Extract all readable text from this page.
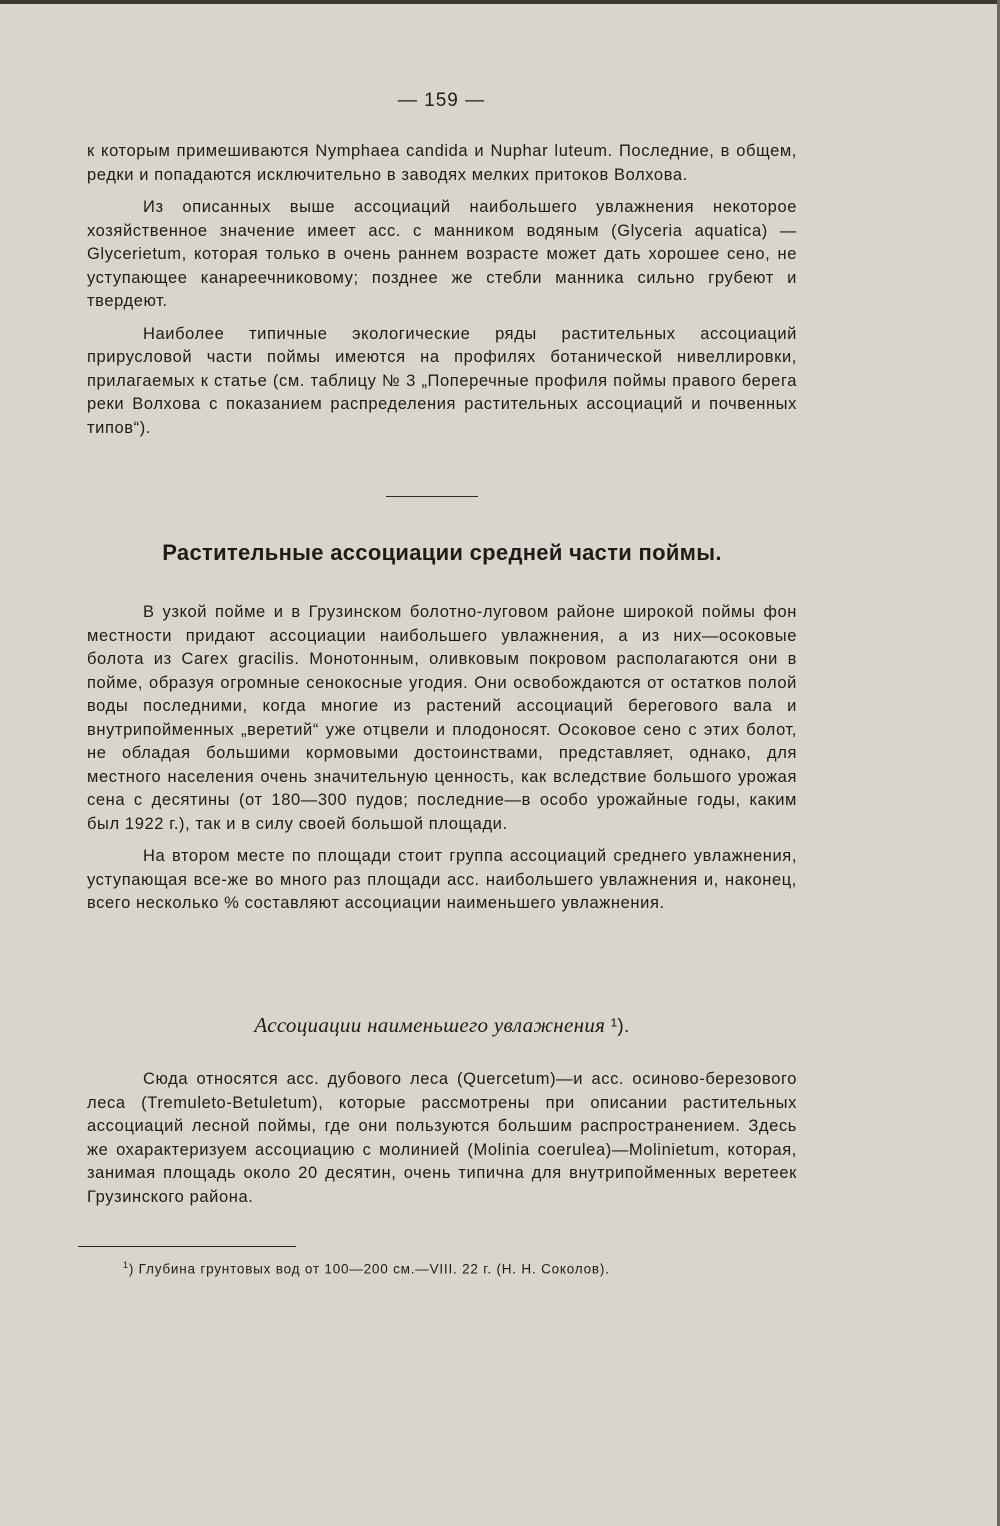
— 159 —

к которым примешиваются Nymphaea candida и Nuphar luteum. Последние, в общем, редки и попадаются исключительно в заводях мелких притоков Волхова.

Из описанных выше ассоциаций наибольшего увлажнения некоторое хозяйственное значение имеет асс. с манником водяным (Glyceria aquatica) — Glycerietum, которая только в очень раннем возрасте может дать хорошее сено, не уступающее канареечниковому; позднее же стебли манника сильно грубеют и твердеют.

Наиболее типичные экологические ряды растительных ассоциаций прирусловой части поймы имеются на профилях ботанической нивеллировки, прилагаемых к статье (см. таблицу № 3 „Поперечные профиля поймы правого берега реки Волхова с показанием распределения растительных ассоциаций и почвенных типов“).

Растительные ассоциации средней части поймы.

В узкой пойме и в Грузинском болотно-луговом районе широкой поймы фон местности придают ассоциации наибольшего увлажнения, а из них—осоковые болота из Carex gracilis. Монотонным, оливковым покровом располагаются они в пойме, образуя огромные сенокосные угодия. Они освобождаются от остатков полой воды последними, когда многие из растений ассоциаций берегового вала и внутрипойменных „веретий“ уже отцвели и плодоносят. Осоковое сено с этих болот, не обладая большими кормовыми достоинствами, представляет, однако, для местного населения очень значительную ценность, как вследствие большого урожая сена с десятины (от 180—300 пудов; последние—в особо урожайные годы, каким был 1922 г.), так и в силу своей большой площади.

На втором месте по площади стоит группа ассоциаций среднего увлажнения, уступающая все-же во много раз площади асс. наибольшего увлажнения и, наконец, всего несколько % составляют ассоциации наименьшего увлажнения.

Ассоциации наименьшего увлажнения ¹).

Сюда относятся асс. дубового леса (Quercetum)—и асс. осиново-березового леса (Tremuleto-Betuletum), которые рассмотрены при описании растительных ассоциаций лесной поймы, где они пользуются большим распространением. Здесь же охарактеризуем ассоциацию с молинией (Molinia coerulea)—Molinietum, которая, занимая площадь около 20 десятин, очень типична для внутрипойменных веретеек Грузинского района.

$^1$) Глубина грунтовых вод от 100—200 см.—VIII. 22 г. (Н. Н. Соколов).
